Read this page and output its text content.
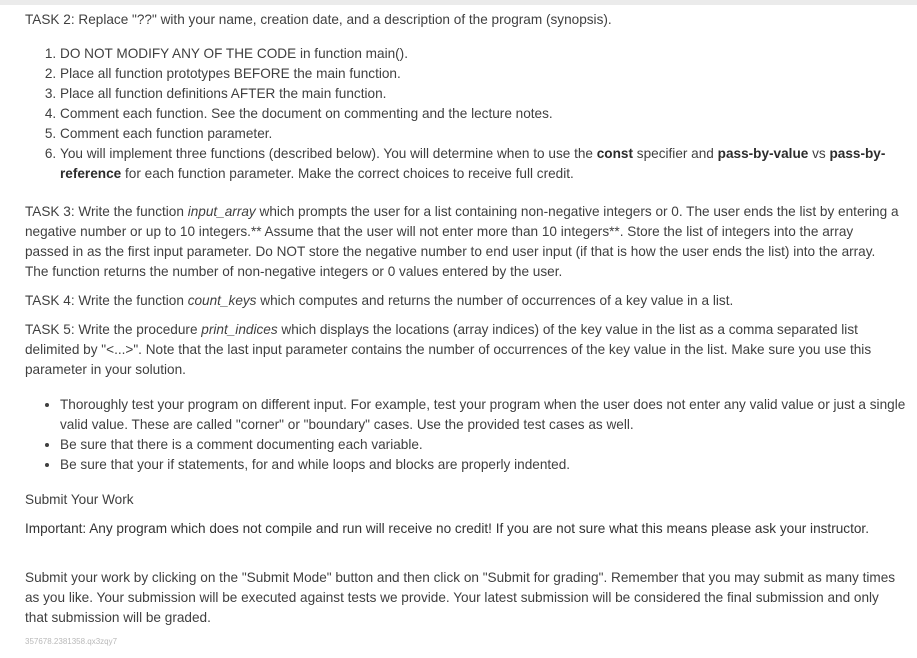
TASK 2: Replace "??" with your name, creation date, and a description of the program (synopsis).

1. DO NOT MODIFY ANY OF THE CODE in function main().
2. Place all function prototypes BEFORE the main function.
3. Place all function definitions AFTER the main function.
4. Comment each function. See the document on commenting and the lecture notes.
5. Comment each function parameter.
6. You will implement three functions (described below). You will determine when to use the const specifier and pass-by-value vs pass-by-reference for each function parameter. Make the correct choices to receive full credit.

TASK 3: Write the function input_array which prompts the user for a list containing non-negative integers or 0. The user ends the list by entering a negative number or up to 10 integers.** Assume that the user will not enter more than 10 integers**. Store the list of integers into the array passed in as the first input parameter. Do NOT store the negative number to end user input (if that is how the user ends the list) into the array. The function returns the number of non-negative integers or 0 values entered by the user.

TASK 4: Write the function count_keys which computes and returns the number of occurrences of a key value in a list.

TASK 5: Write the procedure print_indices which displays the locations (array indices) of the key value in the list as a comma separated list delimited by "<...>". Note that the last input parameter contains the number of occurrences of the key value in the list. Make sure you use this parameter in your solution.

• Thoroughly test your program on different input. For example, test your program when the user does not enter any valid value or just a single valid value. These are called "corner" or "boundary" cases. Use the provided test cases as well.
• Be sure that there is a comment documenting each variable.
• Be sure that your if statements, for and while loops and blocks are properly indented.

Submit Your Work

Important: Any program which does not compile and run will receive no credit! If you are not sure what this means please ask your instructor.

Submit your work by clicking on the "Submit Mode" button and then click on "Submit for grading". Remember that you may submit as many times as you like. Your submission will be executed against tests we provide. Your latest submission will be considered the final submission and only that submission will be graded.

357678.2381358.qx3zqy7
